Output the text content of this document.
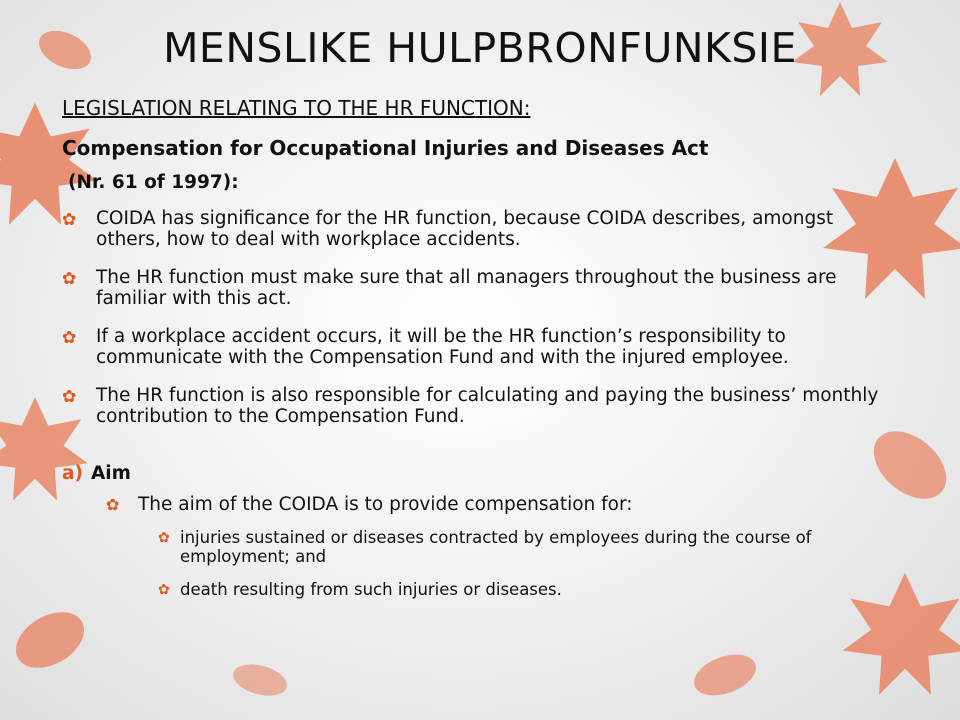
MENSLIKE HULPBRONFUNKSIE
LEGISLATION RELATING TO THE HR FUNCTION:
Compensation for Occupational Injuries and Diseases Act
(Nr. 61 of 1997):
✿ COIDA has significance for the HR function, because COIDA describes, amongst others, how to deal with workplace accidents.
✿ The HR function must make sure that all managers throughout the business are familiar with this act.
✿ If a workplace accident occurs, it will be the HR function’s responsibility to communicate with the Compensation Fund and with the injured employee.
✿ The HR function is also responsible for calculating and paying the business’ monthly contribution to the Compensation Fund.
a) Aim
✿ The aim of the COIDA is to provide compensation for:
✿ injuries sustained or diseases contracted by employees during the course of employment; and
✿ death resulting from such injuries or diseases.
